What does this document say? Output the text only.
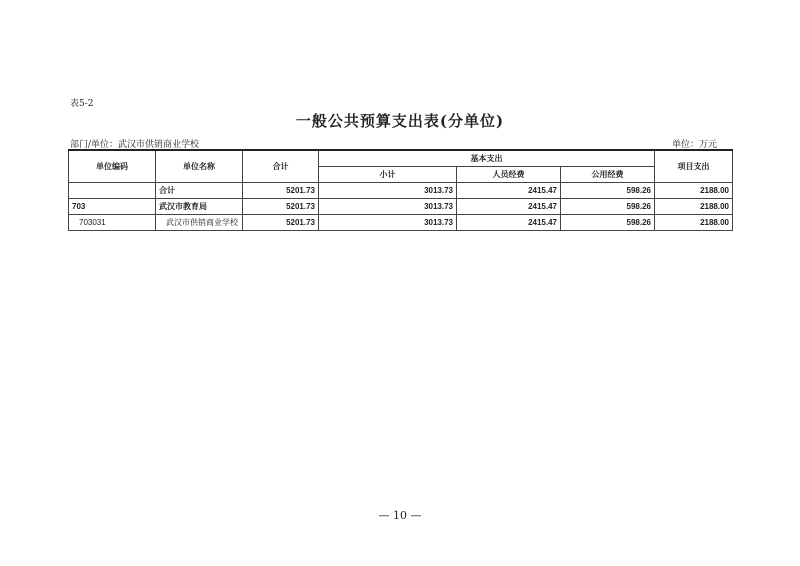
表5-2
一般公共预算支出表(分单位)
部门/单位：武汉市供销商业学校	单位：万元
单位编码	单位名称	合计	基本支出			项目支出
			小计	人员经费	公用经费	
	合计	5201.73	3013.73	2415.47	598.26	2188.00
703	武汉市教育局	5201.73	3013.73	2415.47	598.26	2188.00
703031	武汉市供销商业学校	5201.73	3013.73	2415.47	598.26	2188.00
— 10 —
